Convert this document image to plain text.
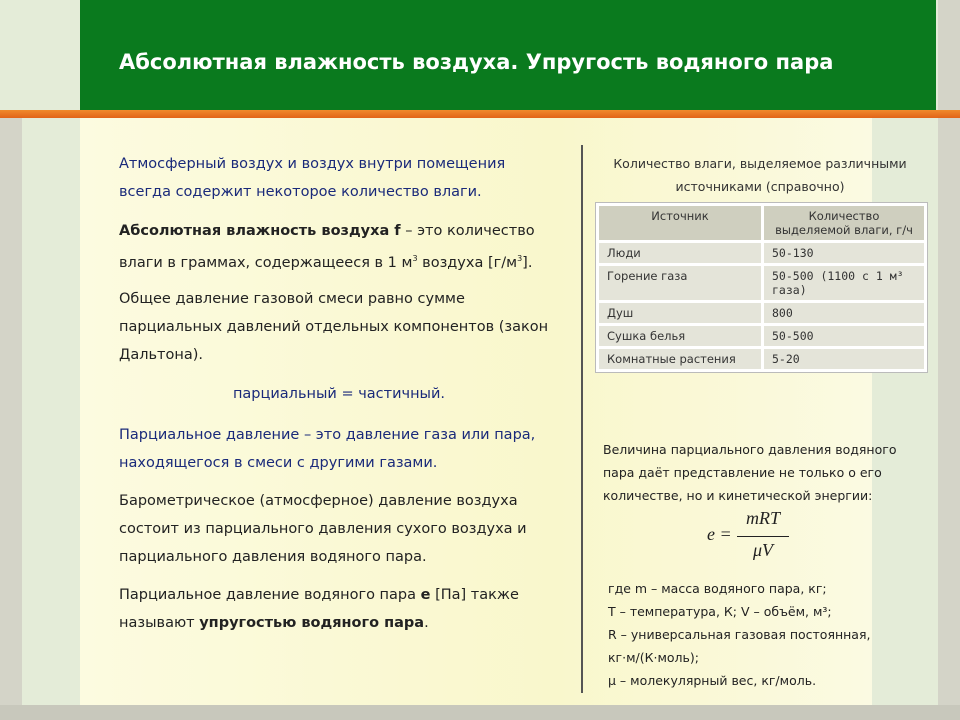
Абсолютная влажность воздуха. Упругость водяного пара
Атмосферный воздух и воздух внутри помещения всегда содержит некоторое количество влаги.
Абсолютная влажность воздуха f – это количество влаги в граммах, содержащееся в 1 $м^3$ воздуха $[г/м^3]$.
Общее давление газовой смеси равно сумме парциальных давлений отдельных компонентов (закон Дальтона).
парциальный = частичный.
Парциальное давление – это давление газа или пара, находящегося в смеси с другими газами.
Барометрическое (атмосферное) давление воздуха состоит из парциального давления сухого воздуха и парциального давления водяного пара.
Парциальное давление водяного пара e [Па] также называют упругостью водяного пара.
Количество влаги, выделяемое различными источниками (справочно)
Источник	Количество выделяемой влаги, г/ч
Люди	50-130
Горение газа	50-500 (1100 с 1 м³ газа)
Душ	800
Сушка белья	50-500
Комнатные растения	5-20
Величина парциального давления водяного пара даёт представление не только о его количестве, но и кинетической энергии:
e =
mRT
μV
где m – масса водяного пара, кг;
T – температура, К; V – объём, м³;
R – универсальная газовая постоянная, кг·м/(К·моль);
μ – молекулярный вес, кг/моль.
